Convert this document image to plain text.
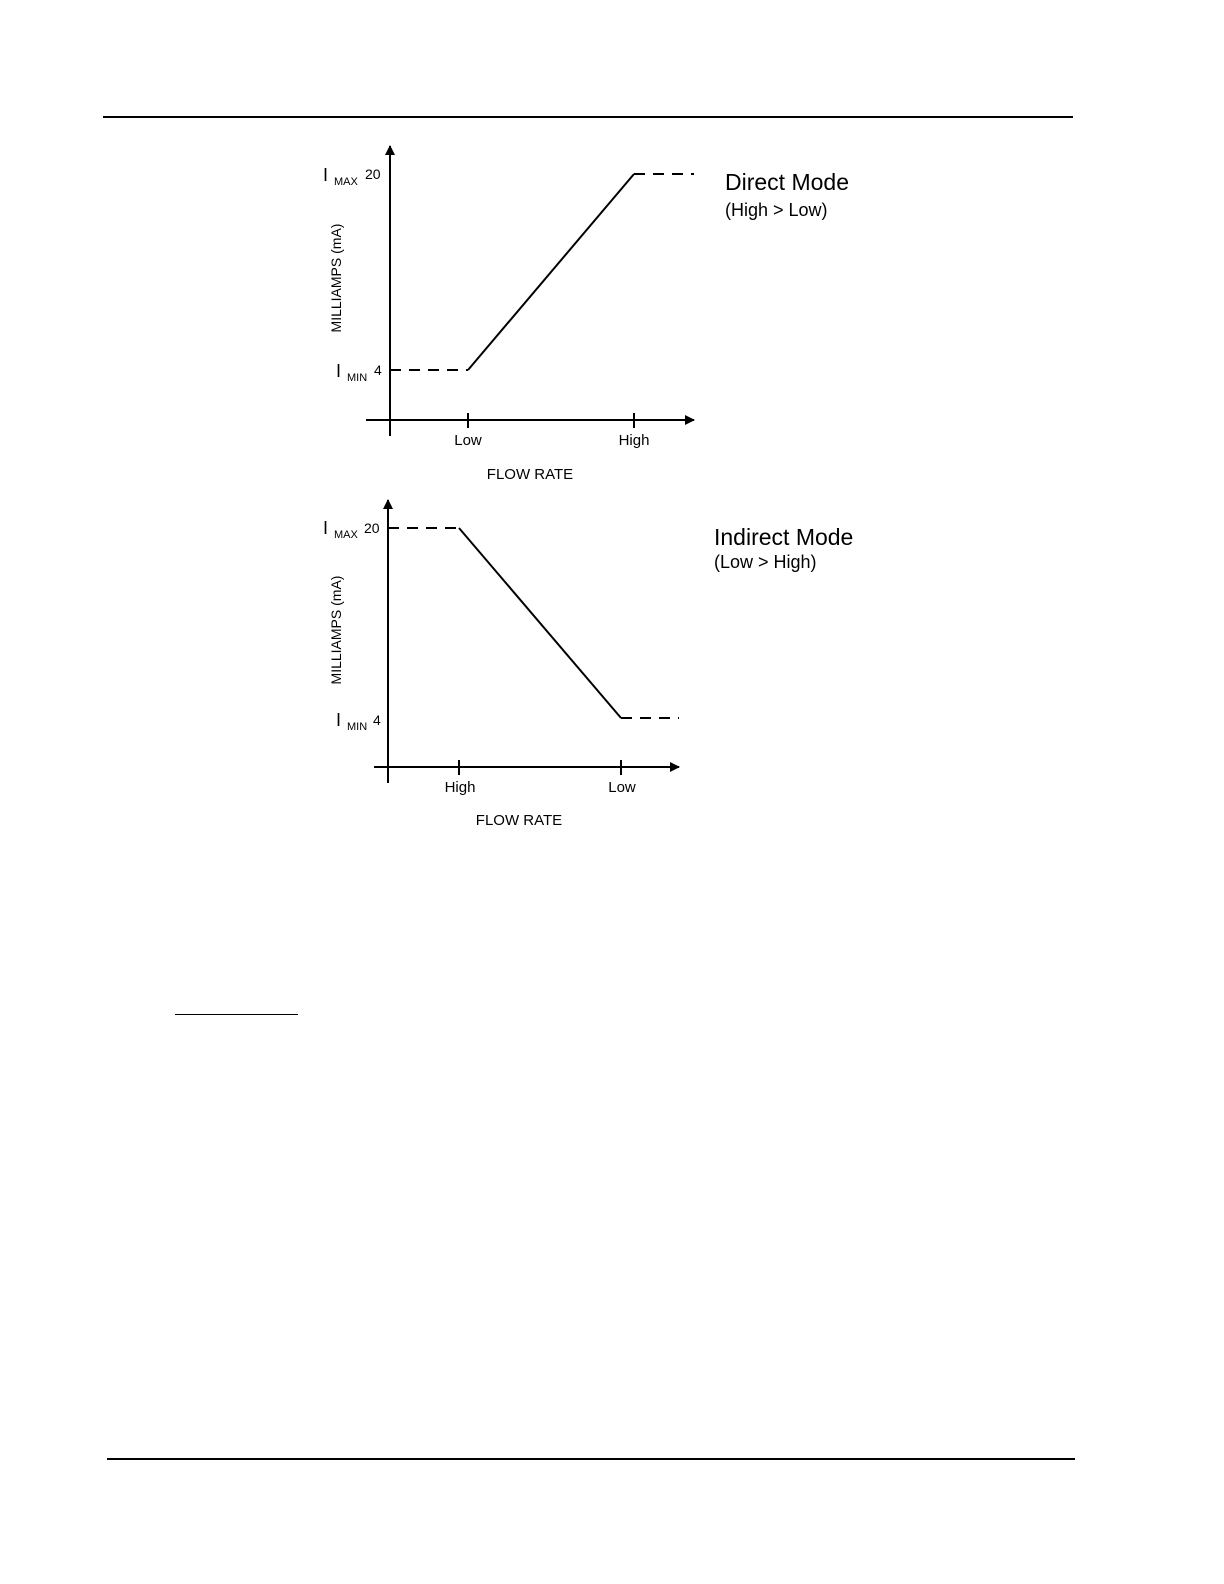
Low	High
FLOW RATE
MILLIAMPS (mA)
I MAX 20
I MIN 4
Direct Mode
(High > Low)
High	Low
FLOW RATE
MILLIAMPS (mA)
I MAX 20
I MIN 4
Indirect Mode
(Low > High)
